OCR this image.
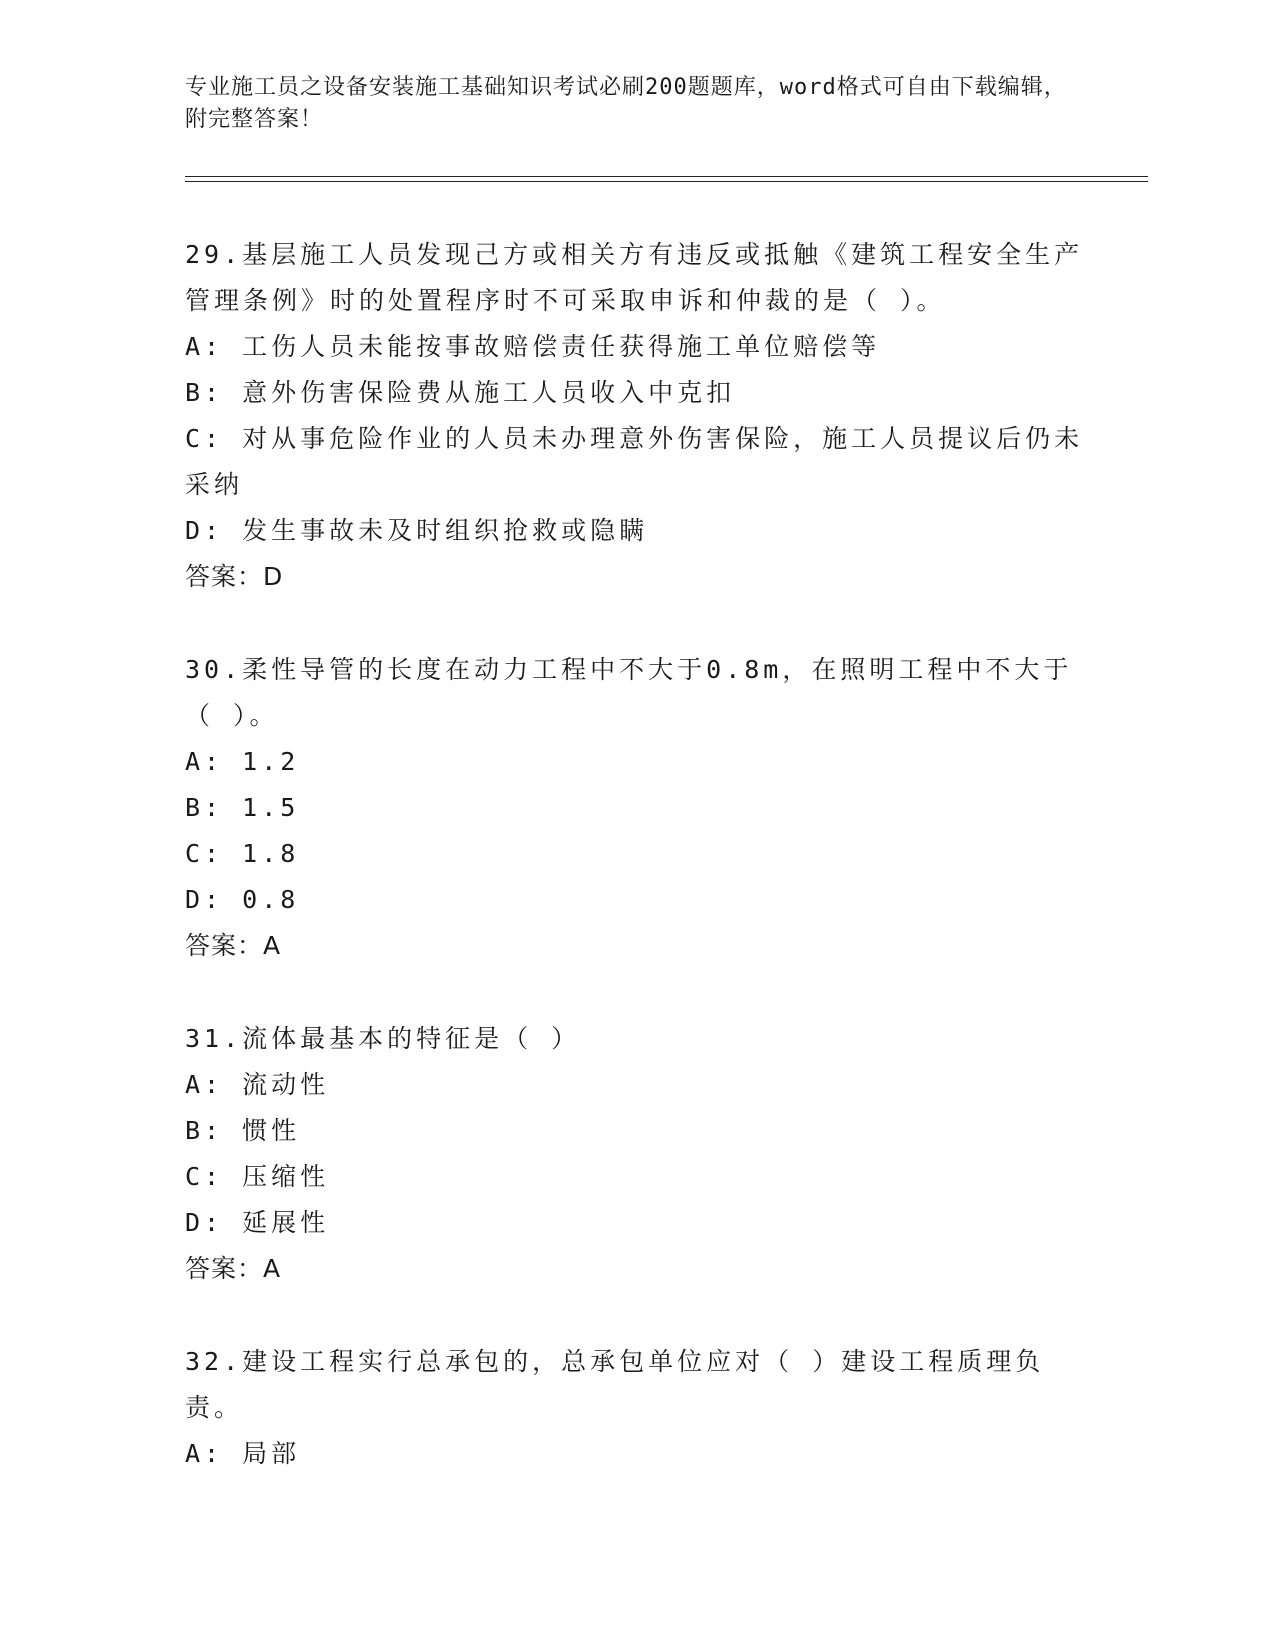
专业施工员之设备安装施工基础知识考试必刷200题题库，word格式可自由下载编辑，附完整答案！

29.基层施工人员发现己方或相关方有违反或抵触《建筑工程安全生产管理条例》时的处置程序时不可采取申诉和仲裁的是（ ）。

A: 工伤人员未能按事故赔偿责任获得施工单位赔偿等

B: 意外伤害保险费从施工人员收入中克扣

C: 对从事危险作业的人员未办理意外伤害保险，施工人员提议后仍未采纳

D: 发生事故未及时组织抢救或隐瞒

答案：D

30.柔性导管的长度在动力工程中不大于0.8m，在照明工程中不大于（ ）。

A: 1.2

B: 1.5

C: 1.8

D: 0.8

答案：A

31.流体最基本的特征是（ ）

A: 流动性

B: 惯性

C: 压缩性

D: 延展性

答案：A

32.建设工程实行总承包的，总承包单位应对（ ）建设工程质理负责。

A: 局部
